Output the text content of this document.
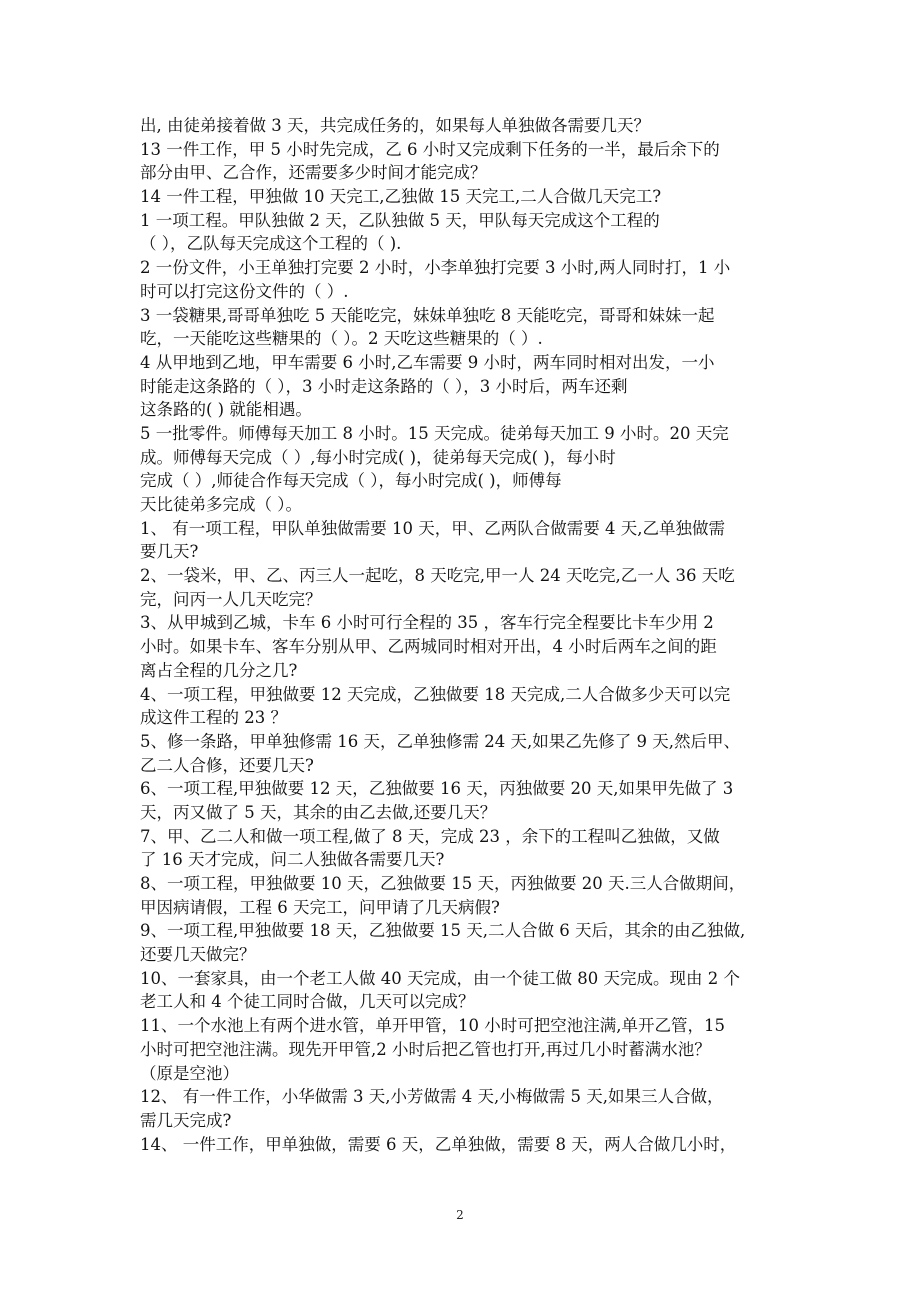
出, 由徒弟接着做 3 天，共完成任务的，如果每人单独做各需要几天？
13 一件工作，甲 5 小时先完成，乙 6 小时又完成剩下任务的一半，最后余下的
部分由甲、乙合作，还需要多少时间才能完成？
14 一件工程，甲独做 10 天完工,乙独做 15 天完工,二人合做几天完工?
1 一项工程。甲队独做 2 天，乙队独做 5 天，甲队每天完成这个工程的
（ ），乙队每天完成这个工程的（ ).
2 一份文件，小王单独打完要 2 小时，小李单独打完要 3 小时,两人同时打，1 小
时可以打完这份文件的（ ）.
3 一袋糖果,哥哥单独吃 5 天能吃完，妹妹单独吃 8 天能吃完，哥哥和妹妹一起
吃，一天能吃这些糖果的（ ）。2 天吃这些糖果的（ ）.
4 从甲地到乙地，甲车需要 6 小时,乙车需要 9 小时，两车同时相对出发，一小
时能走这条路的（ ），3 小时走这条路的（ ），3 小时后，两车还剩
这条路的( ) 就能相遇。
5 一批零件。师傅每天加工 8 小时。15 天完成。徒弟每天加工 9 小时。20 天完
成。师傅每天完成（ ）,每小时完成( )，徒弟每天完成( )，每小时
完成（ ）,师徒合作每天完成（ ），每小时完成( )，师傅每
天比徒弟多完成（ ）。
1、 有一项工程，甲队单独做需要 10 天，甲、乙两队合做需要 4 天,乙单独做需
要几天?
2、一袋米，甲、乙、丙三人一起吃，8 天吃完,甲一人 24 天吃完,乙一人 36 天吃
完，问丙一人几天吃完？
3、从甲城到乙城，卡车 6 小时可行全程的 35 ，客车行完全程要比卡车少用 2
小时。如果卡车、客车分别从甲、乙两城同时相对开出，4 小时后两车之间的距
离占全程的几分之几?
4、一项工程，甲独做要 12 天完成，乙独做要 18 天完成,二人合做多少天可以完
成这件工程的 23 ？
5、修一条路，甲单独修需 16 天，乙单独修需 24 天,如果乙先修了 9 天,然后甲、
乙二人合修，还要几天?
6、一项工程,甲独做要 12 天，乙独做要 16 天，丙独做要 20 天,如果甲先做了 3
天，丙又做了 5 天，其余的由乙去做,还要几天？
7、甲、乙二人和做一项工程,做了 8 天，完成 23 ，余下的工程叫乙独做，又做
了 16 天才完成，问二人独做各需要几天?
8、一项工程，甲独做要 10 天，乙独做要 15 天，丙独做要 20 天.三人合做期间，
甲因病请假，工程 6 天完工，问甲请了几天病假?
9、一项工程,甲独做要 18 天，乙独做要 15 天,二人合做 6 天后，其余的由乙独做,
还要几天做完？
10、一套家具，由一个老工人做 40 天完成，由一个徒工做 80 天完成。现由 2 个
老工人和 4 个徒工同时合做，几天可以完成？
11、一个水池上有两个进水管，单开甲管，10 小时可把空池注满,单开乙管，15
小时可把空池注满。现先开甲管,2 小时后把乙管也打开,再过几小时蓄满水池？
（原是空池）
12、 有一件工作，小华做需 3 天,小芳做需 4 天,小梅做需 5 天,如果三人合做，
需几天完成?
14、 一件工作，甲单独做，需要 6 天，乙单独做，需要 8 天，两人合做几小时，
2
